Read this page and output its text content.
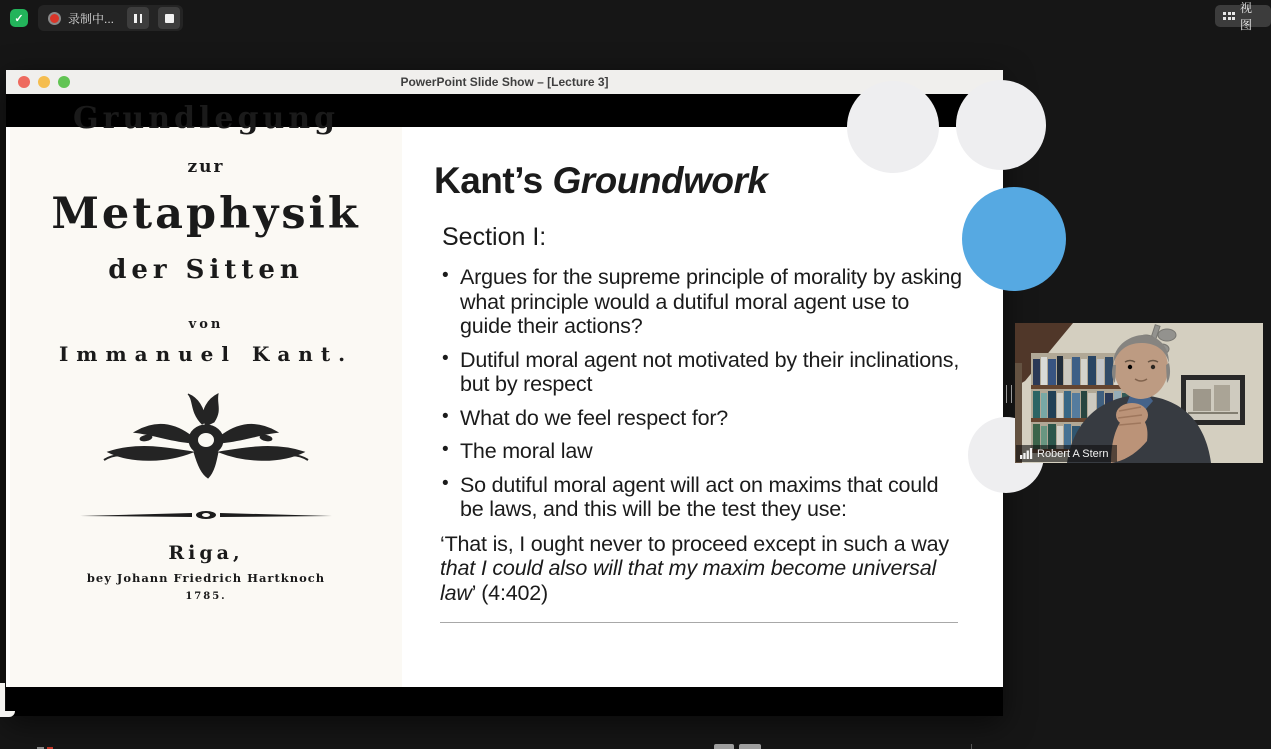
✓	录制中...
视图
PowerPoint Slide Show – [Lecture 3]
Grundlegung
zur
Metaphysik
der Sitten
von
Immanuel Kant.
Riga,
bey Johann Friedrich Hartknoch
1785.
Kant’s Groundwork
Section I:
• Argues for the supreme principle of morality by asking what principle would a dutiful moral agent use to guide their actions?
• Dutiful moral agent not motivated by their inclinations, but by respect
• What do we feel respect for?
• The moral law
• So dutiful moral agent will act on maxims that could be laws, and this will be the test they use:
‘That is, I ought never to proceed except in such a way that I could also will that my maxim become universal law’ (4:402)
Robert A Stern
